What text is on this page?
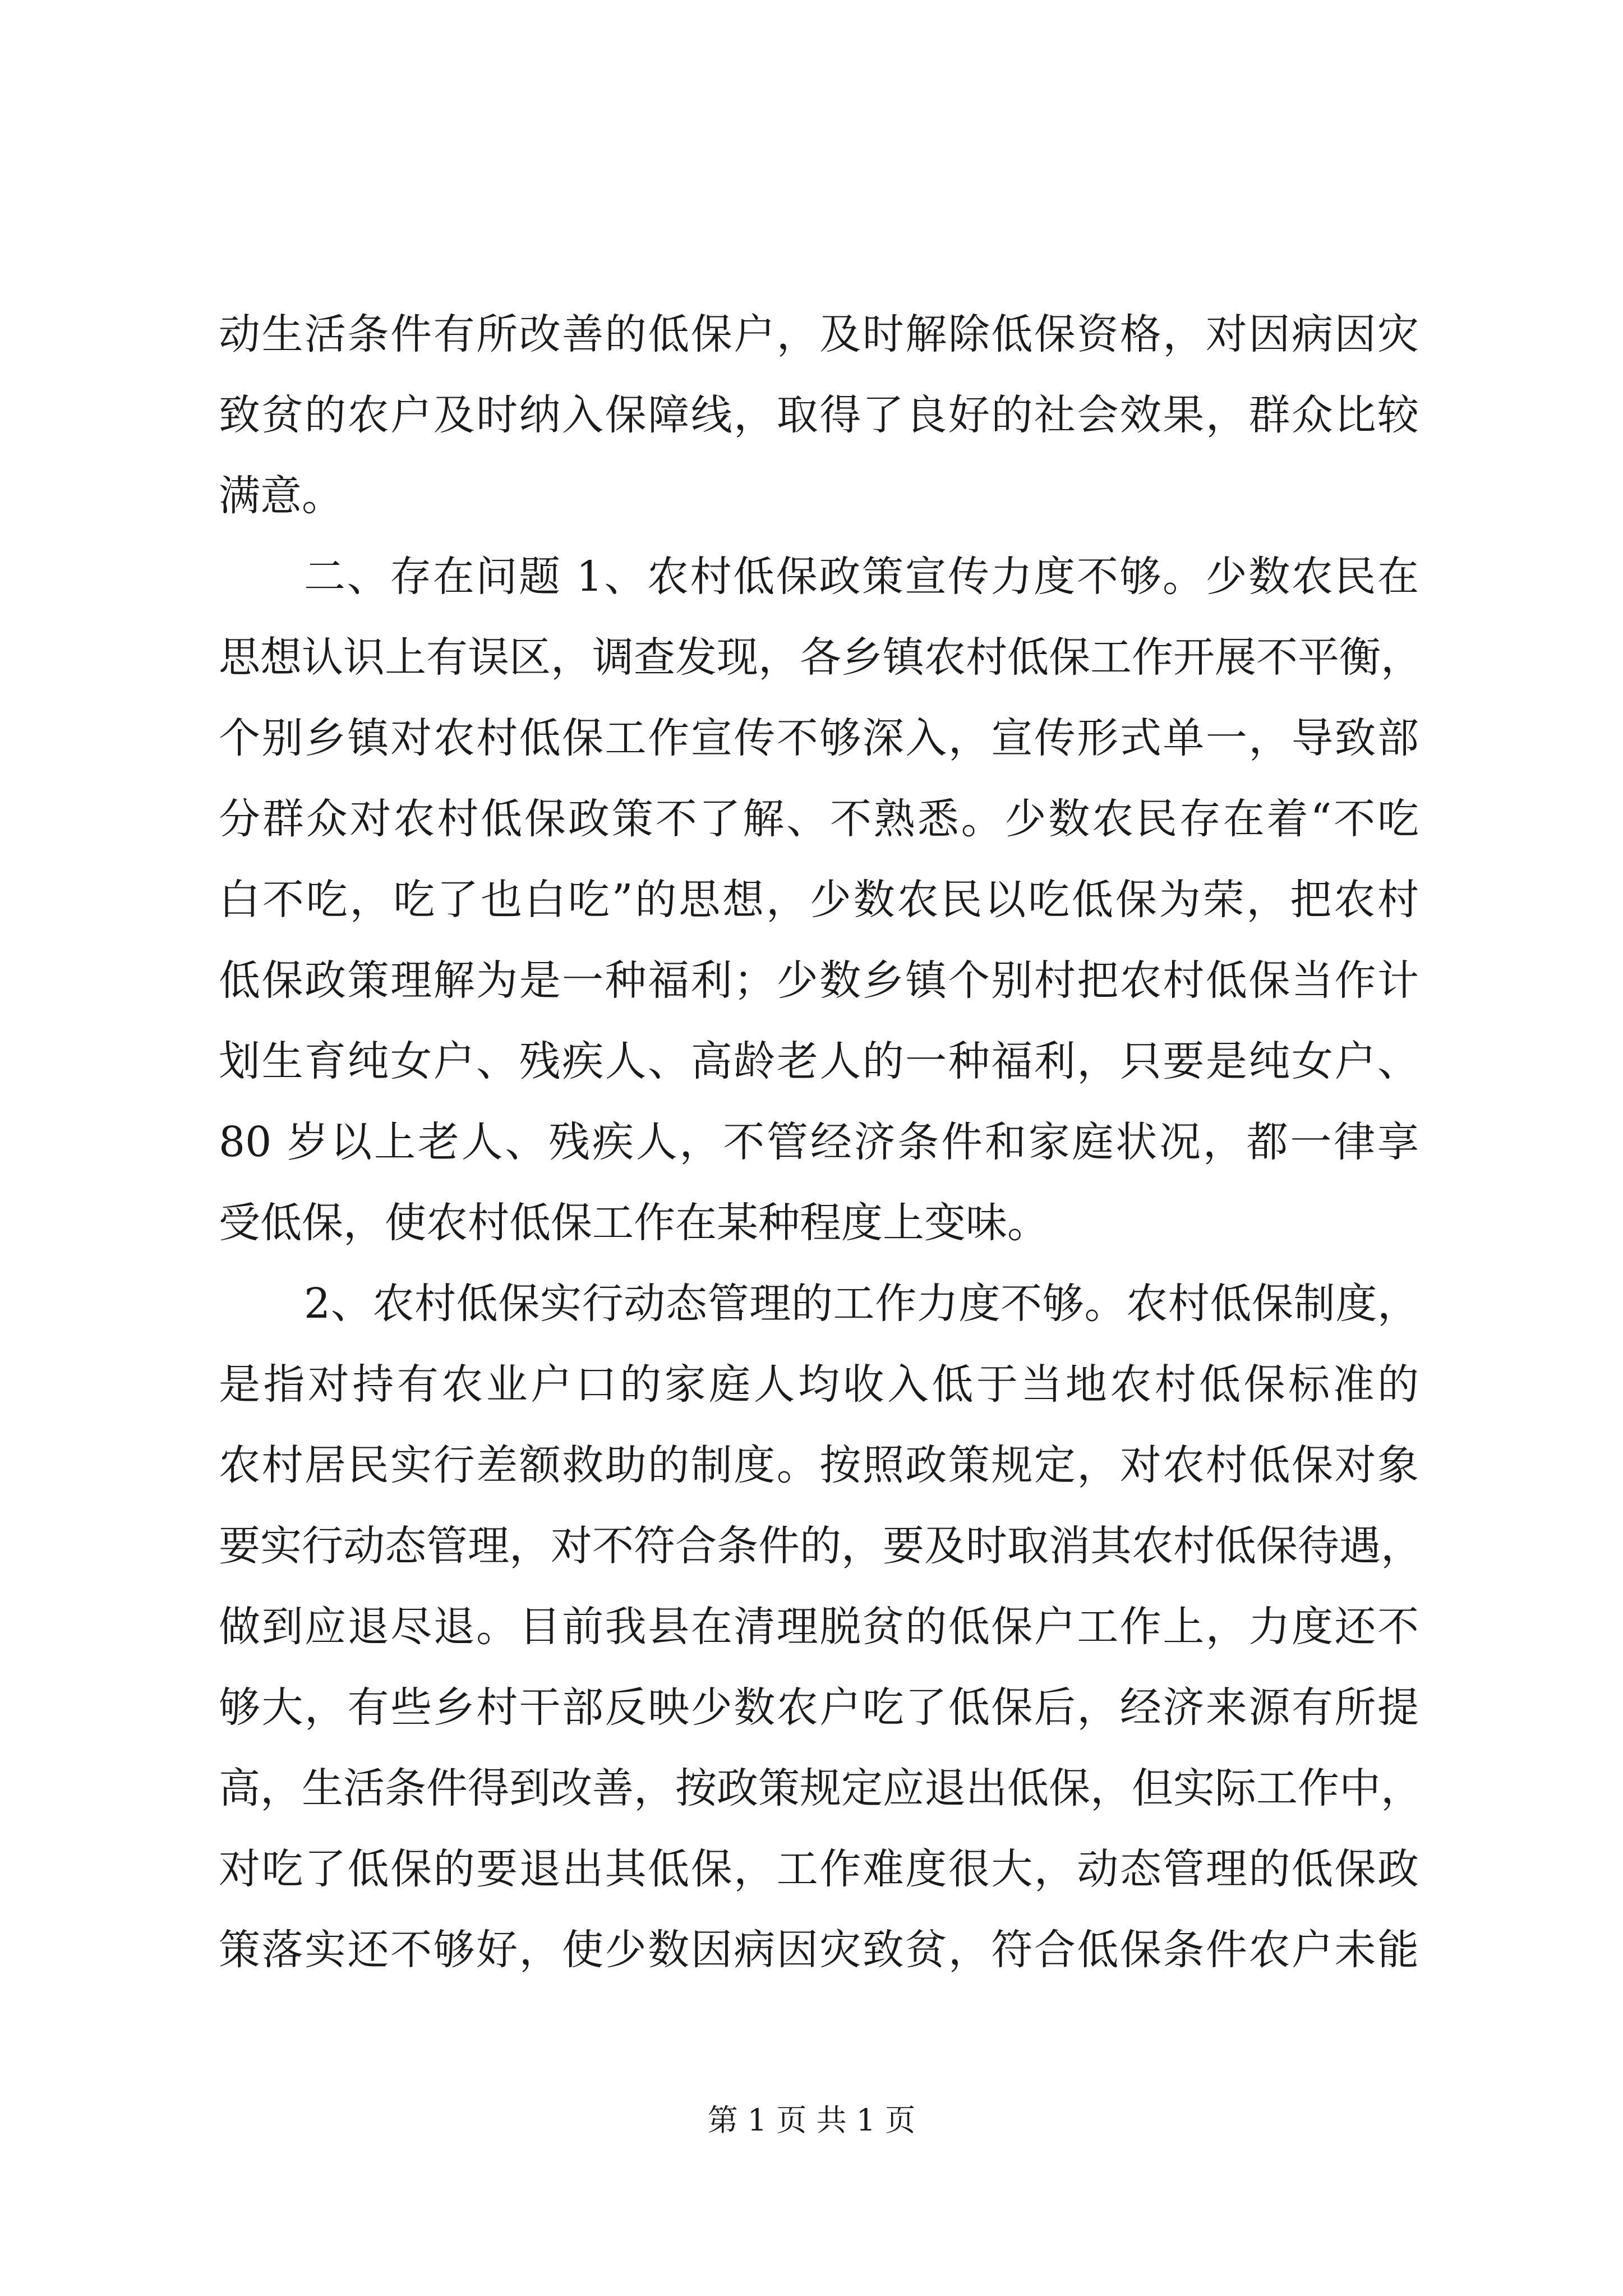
动生活条件有所改善的低保户，及时解除低保资格，对因病因灾
致贫的农户及时纳入保障线，取得了良好的社会效果，群众比较
满意。
二、存在问题 1、农村低保政策宣传力度不够。少数农民在
思想认识上有误区，调查发现，各乡镇农村低保工作开展不平衡，
个别乡镇对农村低保工作宣传不够深入，宣传形式单一，导致部
分群众对农村低保政策不了解、不熟悉。少数农民存在着“不吃
白不吃，吃了也白吃”的思想，少数农民以吃低保为荣，把农村
低保政策理解为是一种福利；少数乡镇个别村把农村低保当作计
划生育纯女户、残疾人、高龄老人的一种福利，只要是纯女户、
80 岁以上老人、残疾人，不管经济条件和家庭状况，都一律享
受低保，使农村低保工作在某种程度上变味。
2、农村低保实行动态管理的工作力度不够。农村低保制度，
是指对持有农业户口的家庭人均收入低于当地农村低保标准的
农村居民实行差额救助的制度。按照政策规定，对农村低保对象
要实行动态管理，对不符合条件的，要及时取消其农村低保待遇，
做到应退尽退。目前我县在清理脱贫的低保户工作上，力度还不
够大，有些乡村干部反映少数农户吃了低保后，经济来源有所提
高，生活条件得到改善，按政策规定应退出低保，但实际工作中，
对吃了低保的要退出其低保，工作难度很大，动态管理的低保政
策落实还不够好，使少数因病因灾致贫，符合低保条件农户未能
第 1 页 共 1 页
